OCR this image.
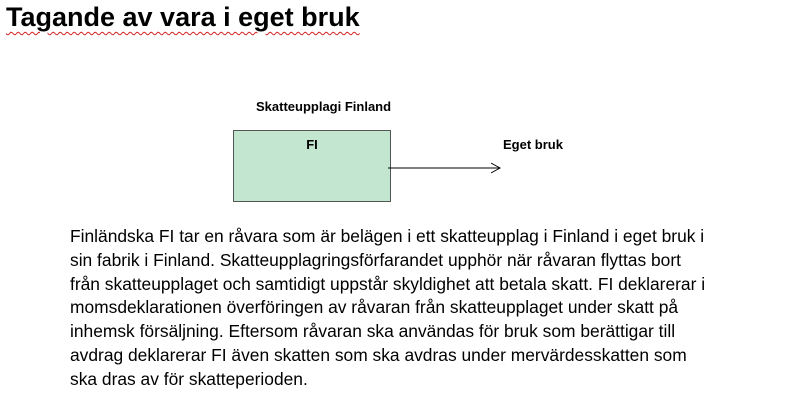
Tagande av vara i eget bruk
Skatteupplagi Finland
FI	Eget bruk
Finländska FI tar en råvara som är belägen i ett skatteupplag i Finland i eget bruk i
sin fabrik i Finland. Skatteupplagringsförfarandet upphör när råvaran flyttas bort
från skatteupplaget och samtidigt uppstår skyldighet att betala skatt. FI deklarerar i
momsdeklarationen överföringen av råvaran från skatteupplaget under skatt på
inhemsk försäljning. Eftersom råvaran ska användas för bruk som berättigar till
avdrag deklarerar FI även skatten som ska avdras under mervärdesskatten som
ska dras av för skatteperioden.
